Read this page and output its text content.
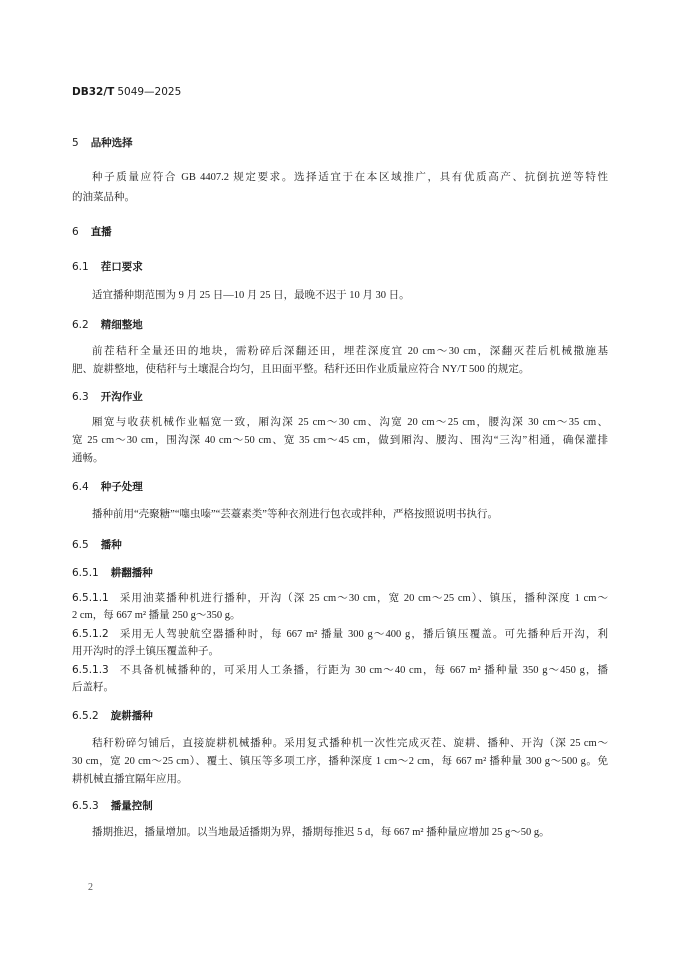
DB32/T 5049—2025
5 品种选择
种子质量应符合 GB 4407.2 规定要求。选择适宜于在本区域推广，具有优质高产、抗倒抗逆等特性
的油菜品种。
6 直播
6.1 茬口要求
适宜播种期范围为 9 月 25 日—10 月 25 日，最晚不迟于 10 月 30 日。
6.2 精细整地
前茬秸秆全量还田的地块，需粉碎后深翻还田，埋茬深度宜 20 cm～30 cm，深翻灭茬后机械撒施基
肥、旋耕整地，使秸秆与土壤混合均匀，且田面平整。秸秆还田作业质量应符合 NY/T 500 的规定。
6.3 开沟作业
厢宽与收获机械作业幅宽一致，厢沟深 25 cm～30 cm、沟宽 20 cm～25 cm，腰沟深 30 cm～35 cm、
宽 25 cm～30 cm，围沟深 40 cm～50 cm、宽 35 cm～45 cm，做到厢沟、腰沟、围沟“三沟”相通，确保灌排
通畅。
6.4 种子处理
播种前用“壳聚糖”“噻虫嗪”“芸薹素类”等种衣剂进行包衣或拌种，严格按照说明书执行。
6.5 播种
6.5.1 耕翻播种
6.5.1.1 采用油菜播种机进行播种，开沟（深 25 cm～30 cm，宽 20 cm～25 cm）、镇压，播种深度 1 cm～
2 cm，每 667 m² 播量 250 g～350 g。
6.5.1.2 采用无人驾驶航空器播种时，每 667 m² 播量 300 g～400 g，播后镇压覆盖。可先播种后开沟，利
用开沟时的浮土镇压覆盖种子。
6.5.1.3 不具备机械播种的，可采用人工条播，行距为 30 cm～40 cm，每 667 m² 播种量 350 g～450 g，播
后盖籽。
6.5.2 旋耕播种
秸秆粉碎匀铺后，直接旋耕机械播种。采用复式播种机一次性完成灭茬、旋耕、播种、开沟（深 25 cm～
30 cm，宽 20 cm～25 cm）、覆土、镇压等多项工序，播种深度 1 cm～2 cm，每 667 m² 播种量 300 g～500 g。免
耕机械直播宜隔年应用。
6.5.3 播量控制
播期推迟，播量增加。以当地最适播期为界，播期每推迟 5 d，每 667 m² 播种量应增加 25 g～50 g。
2
